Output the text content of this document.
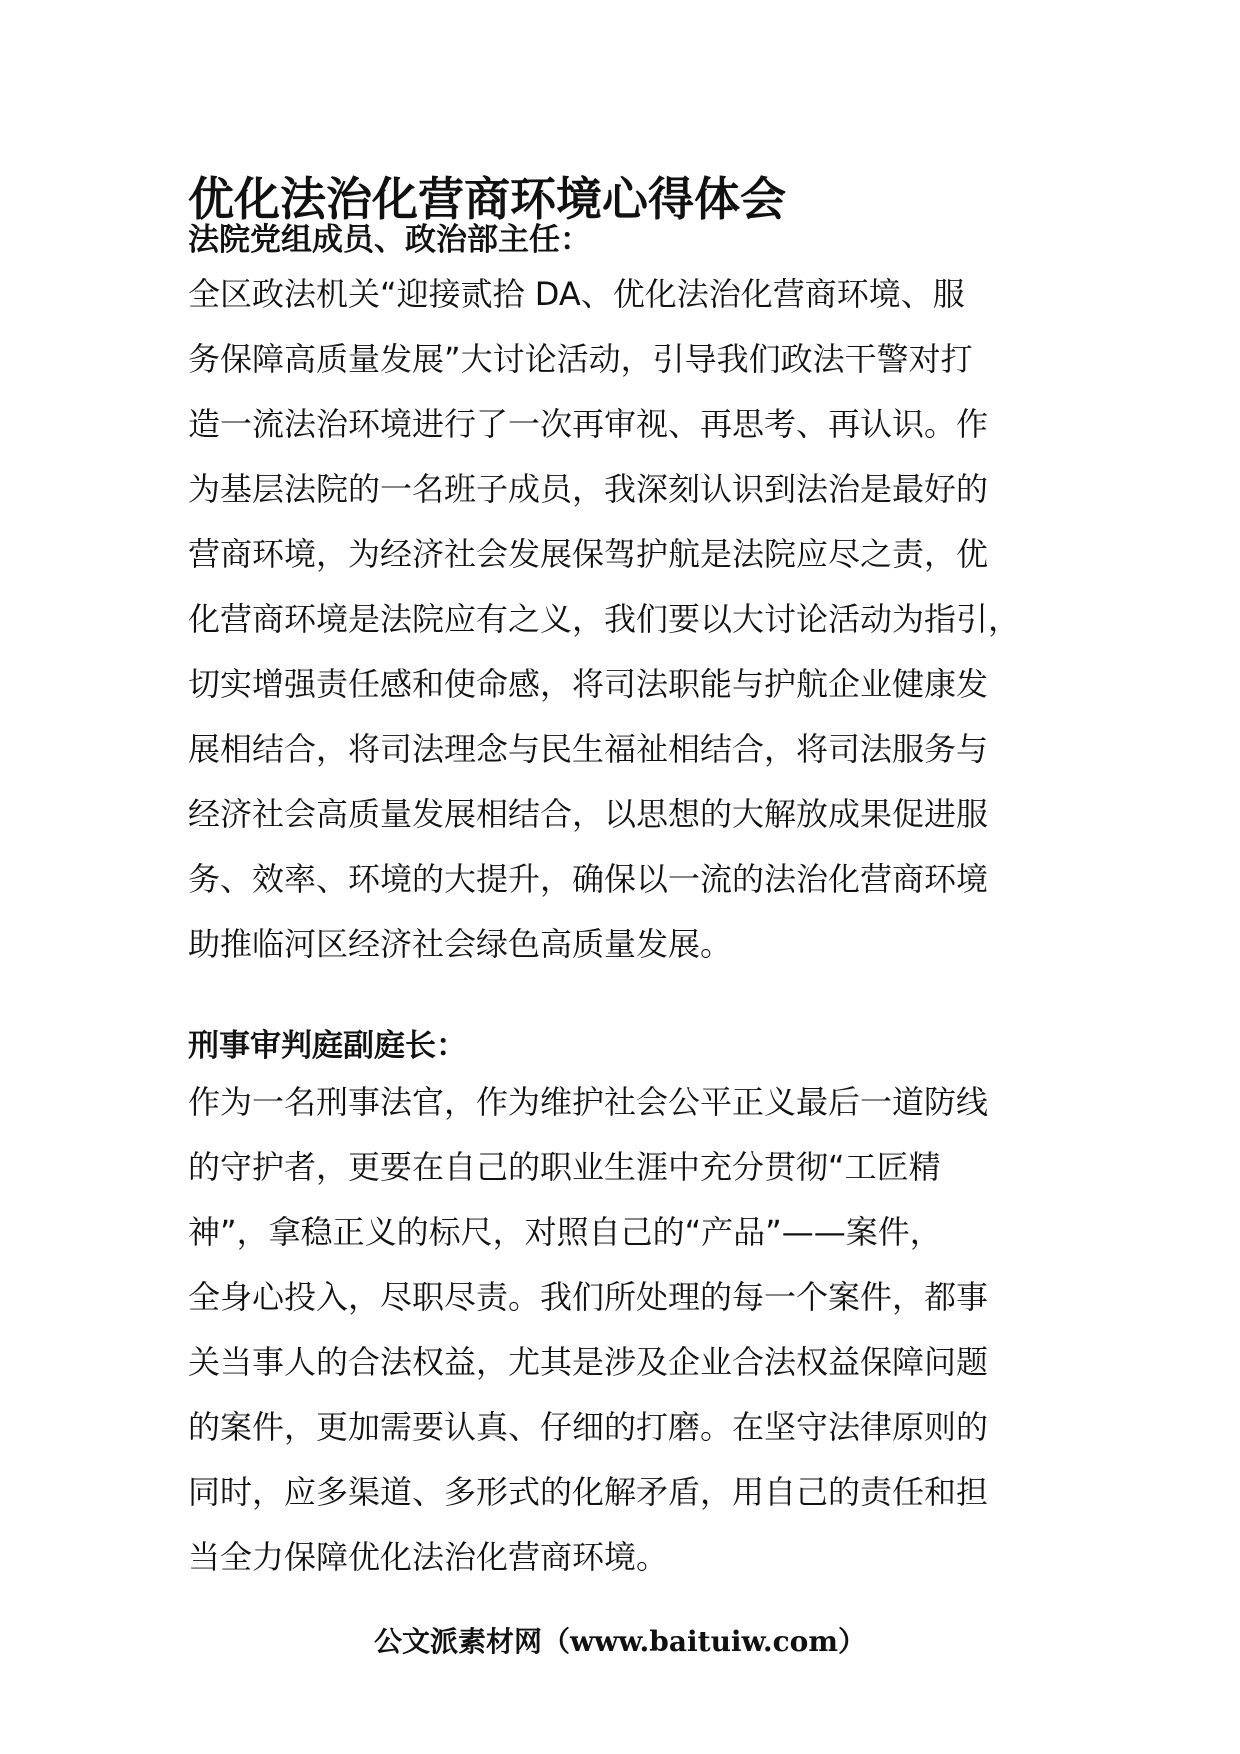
优化法治化营商环境心得体会
法院党组成员、政治部主任：
全区政法机关“迎接贰拾 DA、优化法治化营商环境、服
务保障高质量发展”大讨论活动，引导我们政法干警对打
造一流法治环境进行了一次再审视、再思考、再认识。作
为基层法院的一名班子成员，我深刻认识到法治是最好的
营商环境，为经济社会发展保驾护航是法院应尽之责，优
化营商环境是法院应有之义，我们要以大讨论活动为指引，
切实增强责任感和使命感，将司法职能与护航企业健康发
展相结合，将司法理念与民生福祉相结合，将司法服务与
经济社会高质量发展相结合，以思想的大解放成果促进服
务、效率、环境的大提升，确保以一流的法治化营商环境
助推临河区经济社会绿色高质量发展。
刑事审判庭副庭长：
作为一名刑事法官，作为维护社会公平正义最后一道防线
的守护者，更要在自己的职业生涯中充分贯彻“工匠精
神”，拿稳正义的标尺，对照自己的“产品”——案件，
全身心投入，尽职尽责。我们所处理的每一个案件，都事
关当事人的合法权益，尤其是涉及企业合法权益保障问题
的案件，更加需要认真、仔细的打磨。在坚守法律原则的
同时，应多渠道、多形式的化解矛盾，用自己的责任和担
当全力保障优化法治化营商环境。
公文派素材网（www.baituiw.com）
